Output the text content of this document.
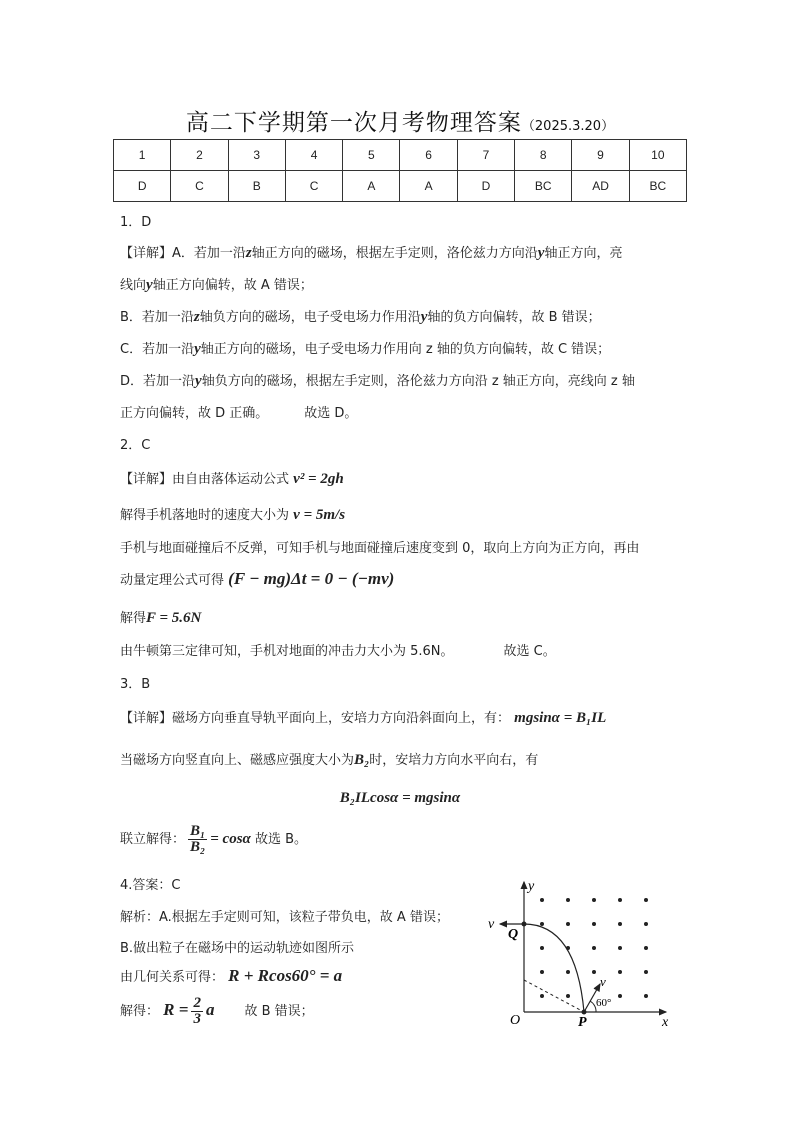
高二下学期第一次月考物理答案（2025.3.20）
1	2	3	4	5	6	7	8	9	10
D	C	B	C	A	A	D	BC	AD	BC
1．D
【详解】A．若加一沿z轴正方向的磁场，根据左手定则，洛伦兹力方向沿y轴正方向，亮
线向y轴正方向偏转，故 A 错误；
B．若加一沿z轴负方向的磁场，电子受电场力作用沿y轴的负方向偏转，故 B 错误；
C．若加一沿y轴正方向的磁场，电子受电场力作用向 z 轴的负方向偏转，故 C 错误；
D．若加一沿y轴负方向的磁场，根据左手定则，洛伦兹力方向沿 z 轴正方向，亮线向 z 轴
正方向偏转，故 D 正确。	故选 D。
2．C
【详解】由自由落体运动公式 v² = 2gh
解得手机落地时的速度大小为 v = 5m/s
手机与地面碰撞后不反弹，可知手机与地面碰撞后速度变到 0，取向上方向为正方向，再由
动量定理公式可得 (F − mg)Δt = 0 − (−mv)
解得F = 5.6N
由牛顿第三定律可知，手机对地面的冲击力大小为 5.6N。	故选 C。
3．B
【详解】磁场方向垂直导轨平面向上，安培力方向沿斜面向上，有： mgsinα = B₁IL
当磁场方向竖直向上、磁感应强度大小为B₂时，安培力方向水平向右，有
B₂ILcosα = mgsinα
联立解得： $\frac{\text{B₁}}{\text{B₂}} = \cos\alpha$ 故选 B。
4.答案：C
解析：A.根据左手定则可知，该粒子带负电，故 A 错误；
B.做出粒子在磁场中的运动轨迹如图所示
由几何关系可得： R + Rcos60° = a
解得： $R = \frac{2}{3}$ a 故 B 错误；
y
x
O
Q
P
v
v
60°
